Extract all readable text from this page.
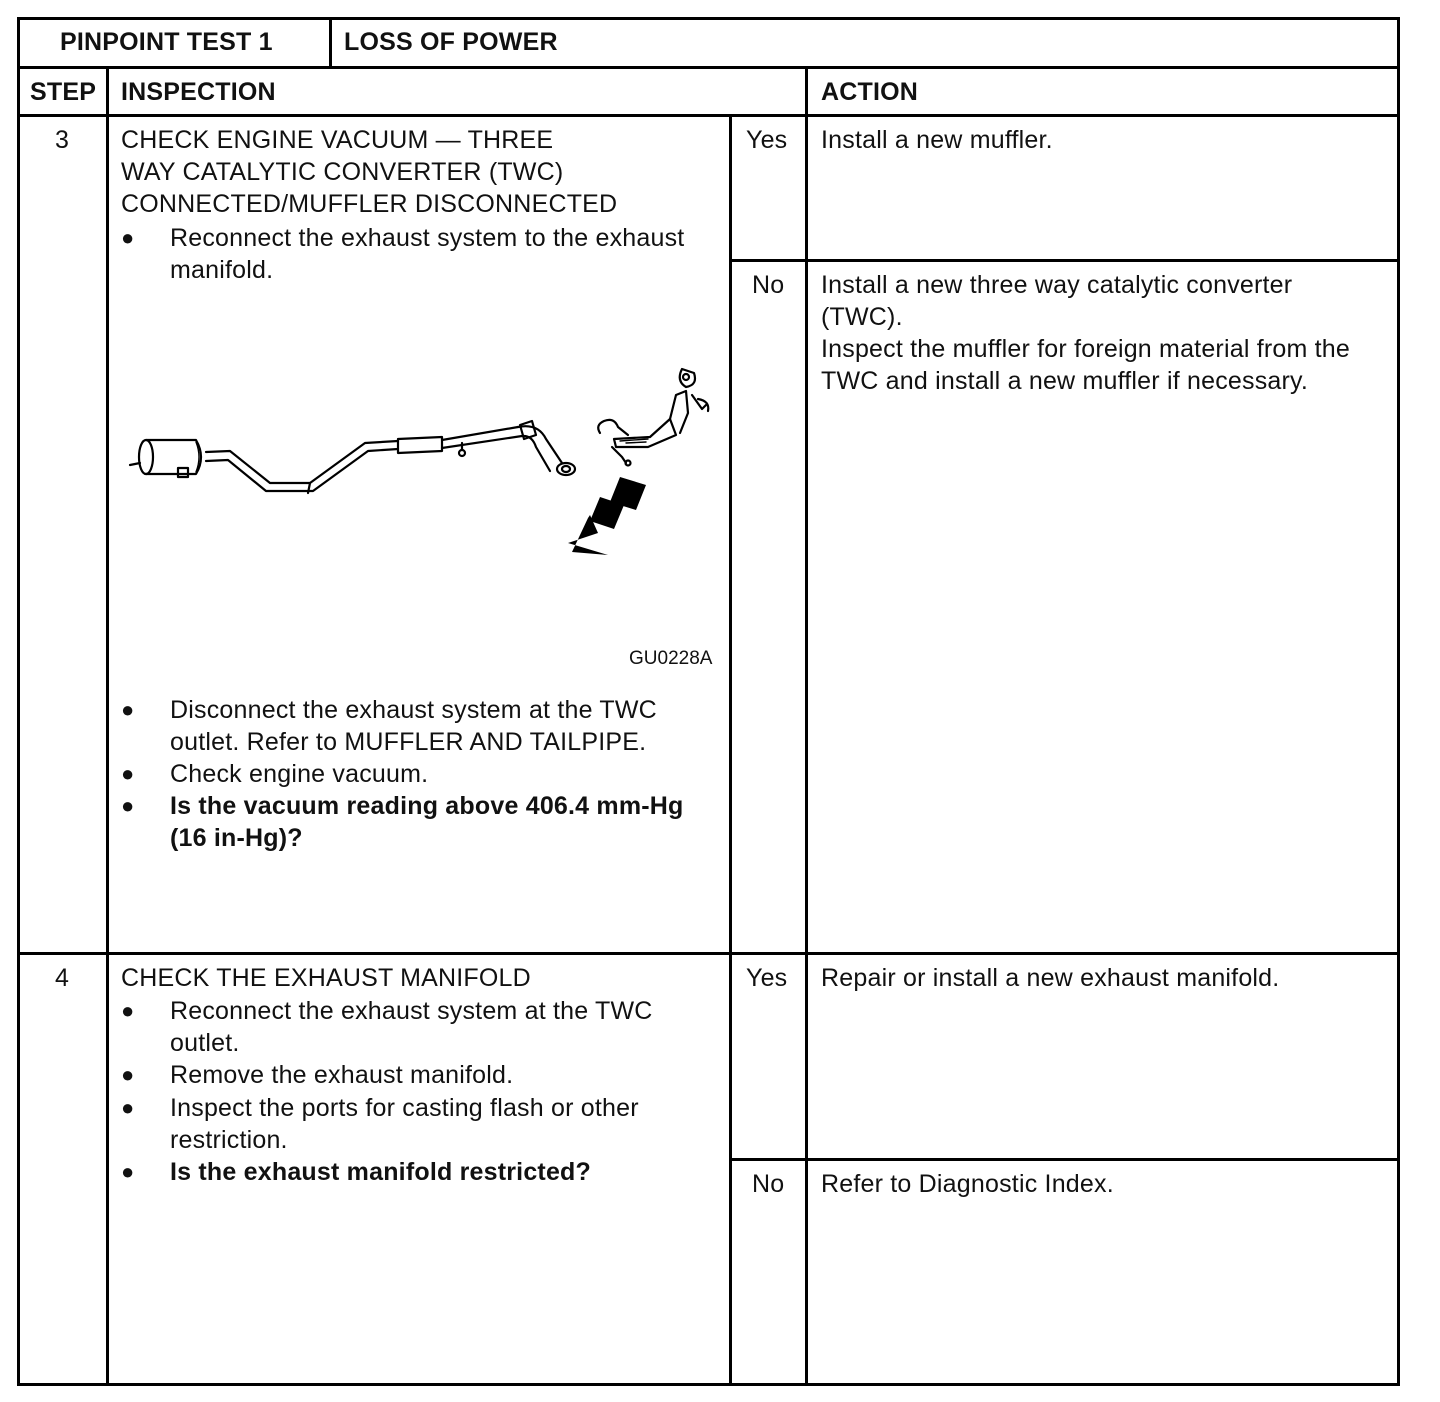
PINPOINT TEST 1	LOSS OF POWER
STEP INSPECTION	ACTION
3 CHECK ENGINE VACUUM — THREE
WAY CATALYTIC CONVERTER (TWC)
CONNECTED/MUFFLER DISCONNECTED
● Reconnect the exhaust system to the exhaust
manifold.
GU0228A
● Disconnect the exhaust system at the TWC
outlet. Refer to MUFFLER AND TAILPIPE.
● Check engine vacuum.
● Is the vacuum reading above 406.4 mm-Hg
(16 in-Hg)?
Yes Install a new muffler.
No Install a new three way catalytic converter
(TWC).
Inspect the muffler for foreign material from the
TWC and install a new muffler if necessary.
4 CHECK THE EXHAUST MANIFOLD
● Reconnect the exhaust system at the TWC
outlet.
● Remove the exhaust manifold.
● Inspect the ports for casting flash or other
restriction.
● Is the exhaust manifold restricted?
Yes Repair or install a new exhaust manifold.
No Refer to Diagnostic Index.
